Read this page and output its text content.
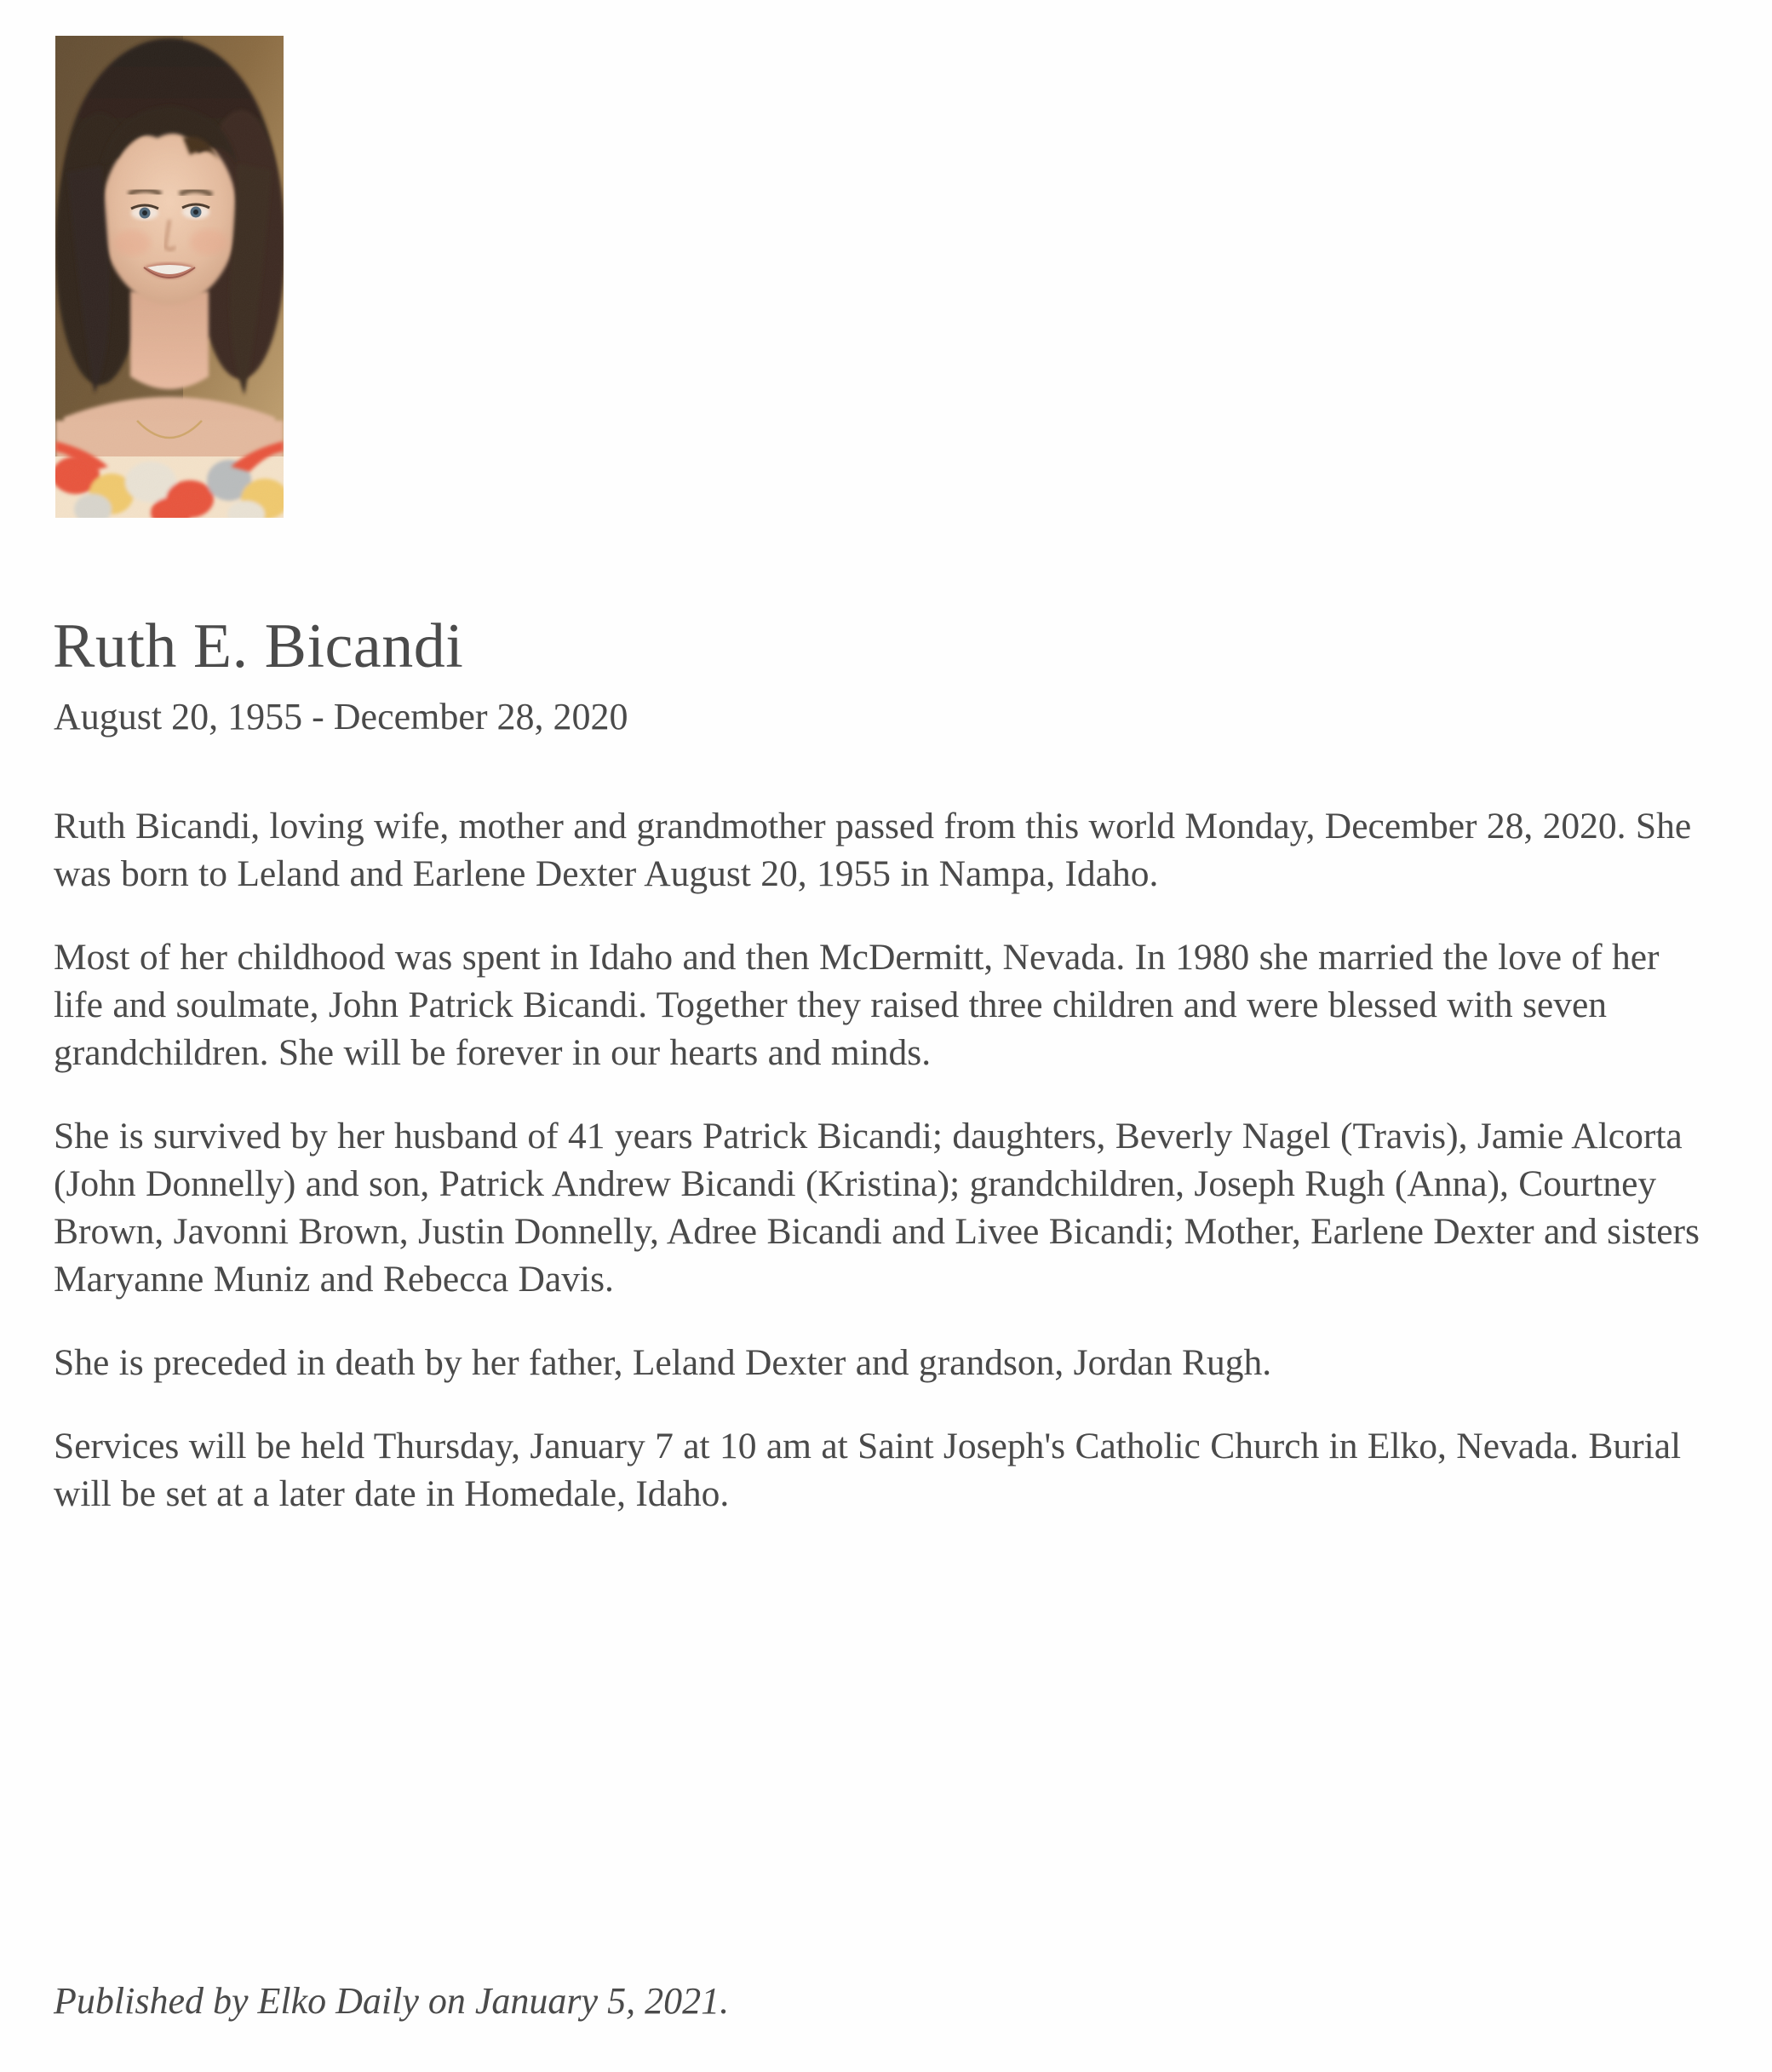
Ruth E. Bicandi
August 20, 1955 - December 28, 2020

Ruth Bicandi, loving wife, mother and grandmother passed from this world Monday, December 28, 2020. She was born to Leland and Earlene Dexter August 20, 1955 in Nampa, Idaho.

Most of her childhood was spent in Idaho and then McDermitt, Nevada. In 1980 she married the love of her life and soulmate, John Patrick Bicandi. Together they raised three children and were blessed with seven grandchildren. She will be forever in our hearts and minds.

She is survived by her husband of 41 years Patrick Bicandi; daughters, Beverly Nagel (Travis), Jamie Alcorta (John Donnelly) and son, Patrick Andrew Bicandi (Kristina); grandchildren, Joseph Rugh (Anna), Courtney Brown, Javonni Brown, Justin Donnelly, Adree Bicandi and Livee Bicandi; Mother, Earlene Dexter and sisters Maryanne Muniz and Rebecca Davis.

She is preceded in death by her father, Leland Dexter and grandson, Jordan Rugh.

Services will be held Thursday, January 7 at 10 am at Saint Joseph's Catholic Church in Elko, Nevada. Burial will be set at a later date in Homedale, Idaho.

Published by Elko Daily on January 5, 2021.
